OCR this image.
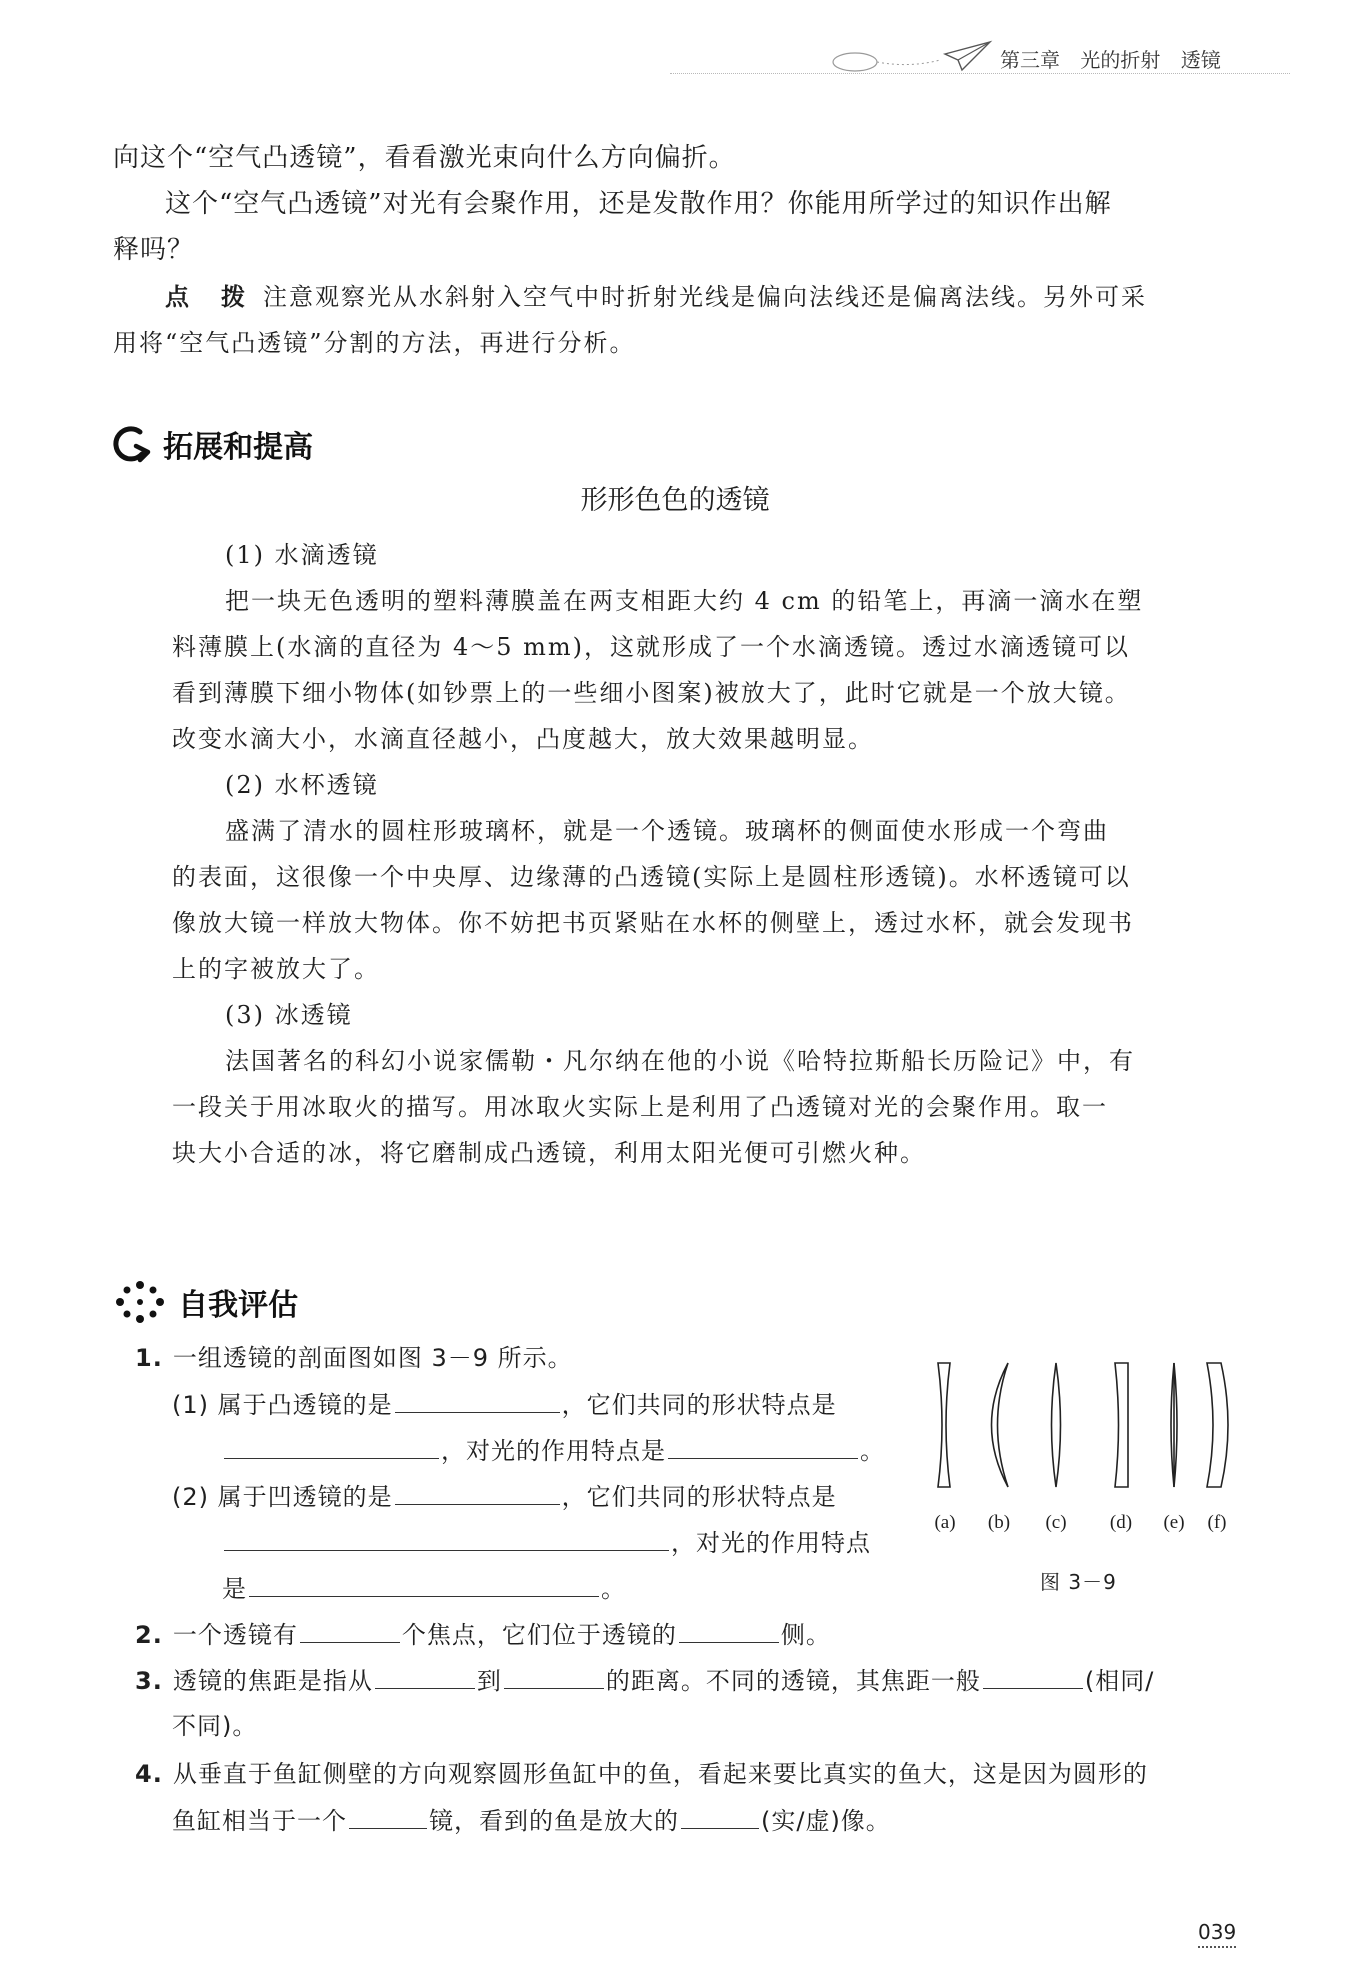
第三章 光的折射 透镜
向这个“空气凸透镜”，看看激光束向什么方向偏折。
这个“空气凸透镜”对光有会聚作用，还是发散作用？你能用所学过的知识作出解
释吗？
点　拨 注意观察光从水斜射入空气中时折射光线是偏向法线还是偏离法线。另外可采
用将“空气凸透镜”分割的方法，再进行分析。
拓展和提高
形形色色的透镜
(1) 水滴透镜
把一块无色透明的塑料薄膜盖在两支相距大约 4 cm 的铅笔上，再滴一滴水在塑
料薄膜上(水滴的直径为 4～5 mm)，这就形成了一个水滴透镜。透过水滴透镜可以
看到薄膜下细小物体(如钞票上的一些细小图案)被放大了，此时它就是一个放大镜。
改变水滴大小，水滴直径越小，凸度越大，放大效果越明显。
(2) 水杯透镜
盛满了清水的圆柱形玻璃杯，就是一个透镜。玻璃杯的侧面使水形成一个弯曲
的表面，这很像一个中央厚、边缘薄的凸透镜(实际上是圆柱形透镜)。水杯透镜可以
像放大镜一样放大物体。你不妨把书页紧贴在水杯的侧壁上，透过水杯，就会发现书
上的字被放大了。
(3) 冰透镜
法国著名的科幻小说家儒勒・凡尔纳在他的小说《哈特拉斯船长历险记》中，有
一段关于用冰取火的描写。用冰取火实际上是利用了凸透镜对光的会聚作用。取一
块大小合适的冰，将它磨制成凸透镜，利用太阳光便可引燃火种。
自我评估
1. 一组透镜的剖面图如图 3－9 所示。
(1) 属于凸透镜的是	，它们共同的形状特点是
，对光的作用特点是	。
(2) 属于凹透镜的是	，它们共同的形状特点是
，对光的作用特点
是	。
(a)	(b)	(c)	(d)	(e)	(f)
图 3－9
2. 一个透镜有	个焦点，它们位于透镜的	侧。
3. 透镜的焦距是指从	到	的距离。不同的透镜，其焦距一般	(相同/
不同)。
4. 从垂直于鱼缸侧壁的方向观察圆形鱼缸中的鱼，看起来要比真实的鱼大，这是因为圆形的
鱼缸相当于一个	镜，看到的鱼是放大的	(实/虚)像。
039
